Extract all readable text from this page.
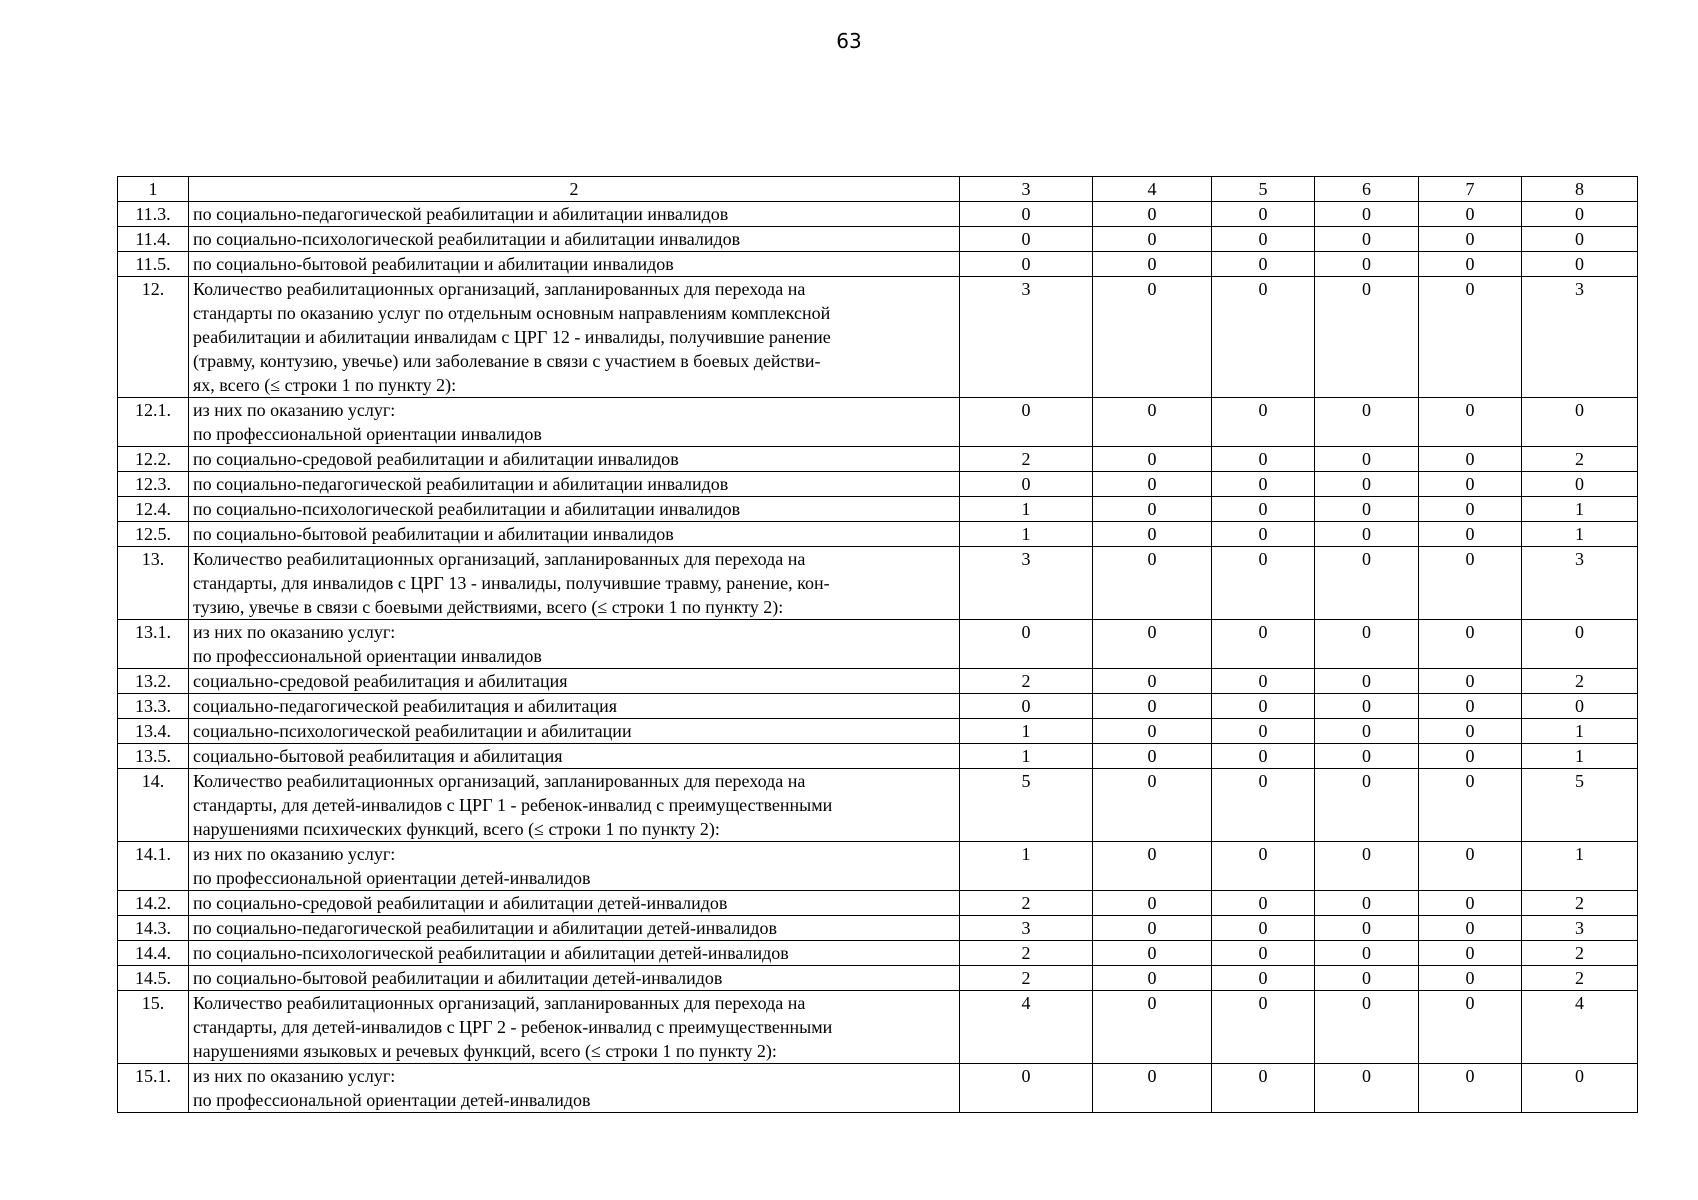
63
1	2	3	4	5	6	7	8
11.3.	по социально-педагогической реабилитации и абилитации инвалидов	0	0	0	0	0	0
11.4.	по социально-психологической реабилитации и абилитации инвалидов	0	0	0	0	0	0
11.5.	по социально-бытовой реабилитации и абилитации инвалидов	0	0	0	0	0	0
12.	Количество реабилитационных организаций, запланированных для перехода на
стандарты по оказанию услуг по отдельным основным направлениям комплексной
реабилитации и абилитации инвалидам с ЦРГ 12 - инвалиды, получившие ранение
(травму, контузию, увечье) или заболевание в связи с участием в боевых действи-
ях, всего (≤ строки 1 по пункту 2):	3	0	0	0	0	3
12.1.	из них по оказанию услуг:
по профессиональной ориентации инвалидов	0	0	0	0	0	0
12.2.	по социально-средовой реабилитации и абилитации инвалидов	2	0	0	0	0	2
12.3.	по социально-педагогической реабилитации и абилитации инвалидов	0	0	0	0	0	0
12.4.	по социально-психологической реабилитации и абилитации инвалидов	1	0	0	0	0	1
12.5.	по социально-бытовой реабилитации и абилитации инвалидов	1	0	0	0	0	1
13.	Количество реабилитационных организаций, запланированных для перехода на
стандарты, для инвалидов с ЦРГ 13 - инвалиды, получившие травму, ранение, кон-
тузию, увечье в связи с боевыми действиями, всего (≤ строки 1 по пункту 2):	3	0	0	0	0	3
13.1.	из них по оказанию услуг:
по профессиональной ориентации инвалидов	0	0	0	0	0	0
13.2.	социально-средовой реабилитация и абилитация	2	0	0	0	0	2
13.3.	социально-педагогической реабилитация и абилитация	0	0	0	0	0	0
13.4.	социально-психологической реабилитации и абилитации	1	0	0	0	0	1
13.5.	социально-бытовой реабилитация и абилитация	1	0	0	0	0	1
14.	Количество реабилитационных организаций, запланированных для перехода на
стандарты, для детей-инвалидов с ЦРГ 1 - ребенок-инвалид с преимущественными
нарушениями психических функций, всего (≤ строки 1 по пункту 2):	5	0	0	0	0	5
14.1.	из них по оказанию услуг:
по профессиональной ориентации детей-инвалидов	1	0	0	0	0	1
14.2.	по социально-средовой реабилитации и абилитации детей-инвалидов	2	0	0	0	0	2
14.3.	по социально-педагогической реабилитации и абилитации детей-инвалидов	3	0	0	0	0	3
14.4.	по социально-психологической реабилитации и абилитации детей-инвалидов	2	0	0	0	0	2
14.5.	по социально-бытовой реабилитации и абилитации детей-инвалидов	2	0	0	0	0	2
15.	Количество реабилитационных организаций, запланированных для перехода на
стандарты, для детей-инвалидов с ЦРГ 2 - ребенок-инвалид с преимущественными
нарушениями языковых и речевых функций, всего (≤ строки 1 по пункту 2):	4	0	0	0	0	4
15.1.	из них по оказанию услуг:
по профессиональной ориентации детей-инвалидов	0	0	0	0	0	0
